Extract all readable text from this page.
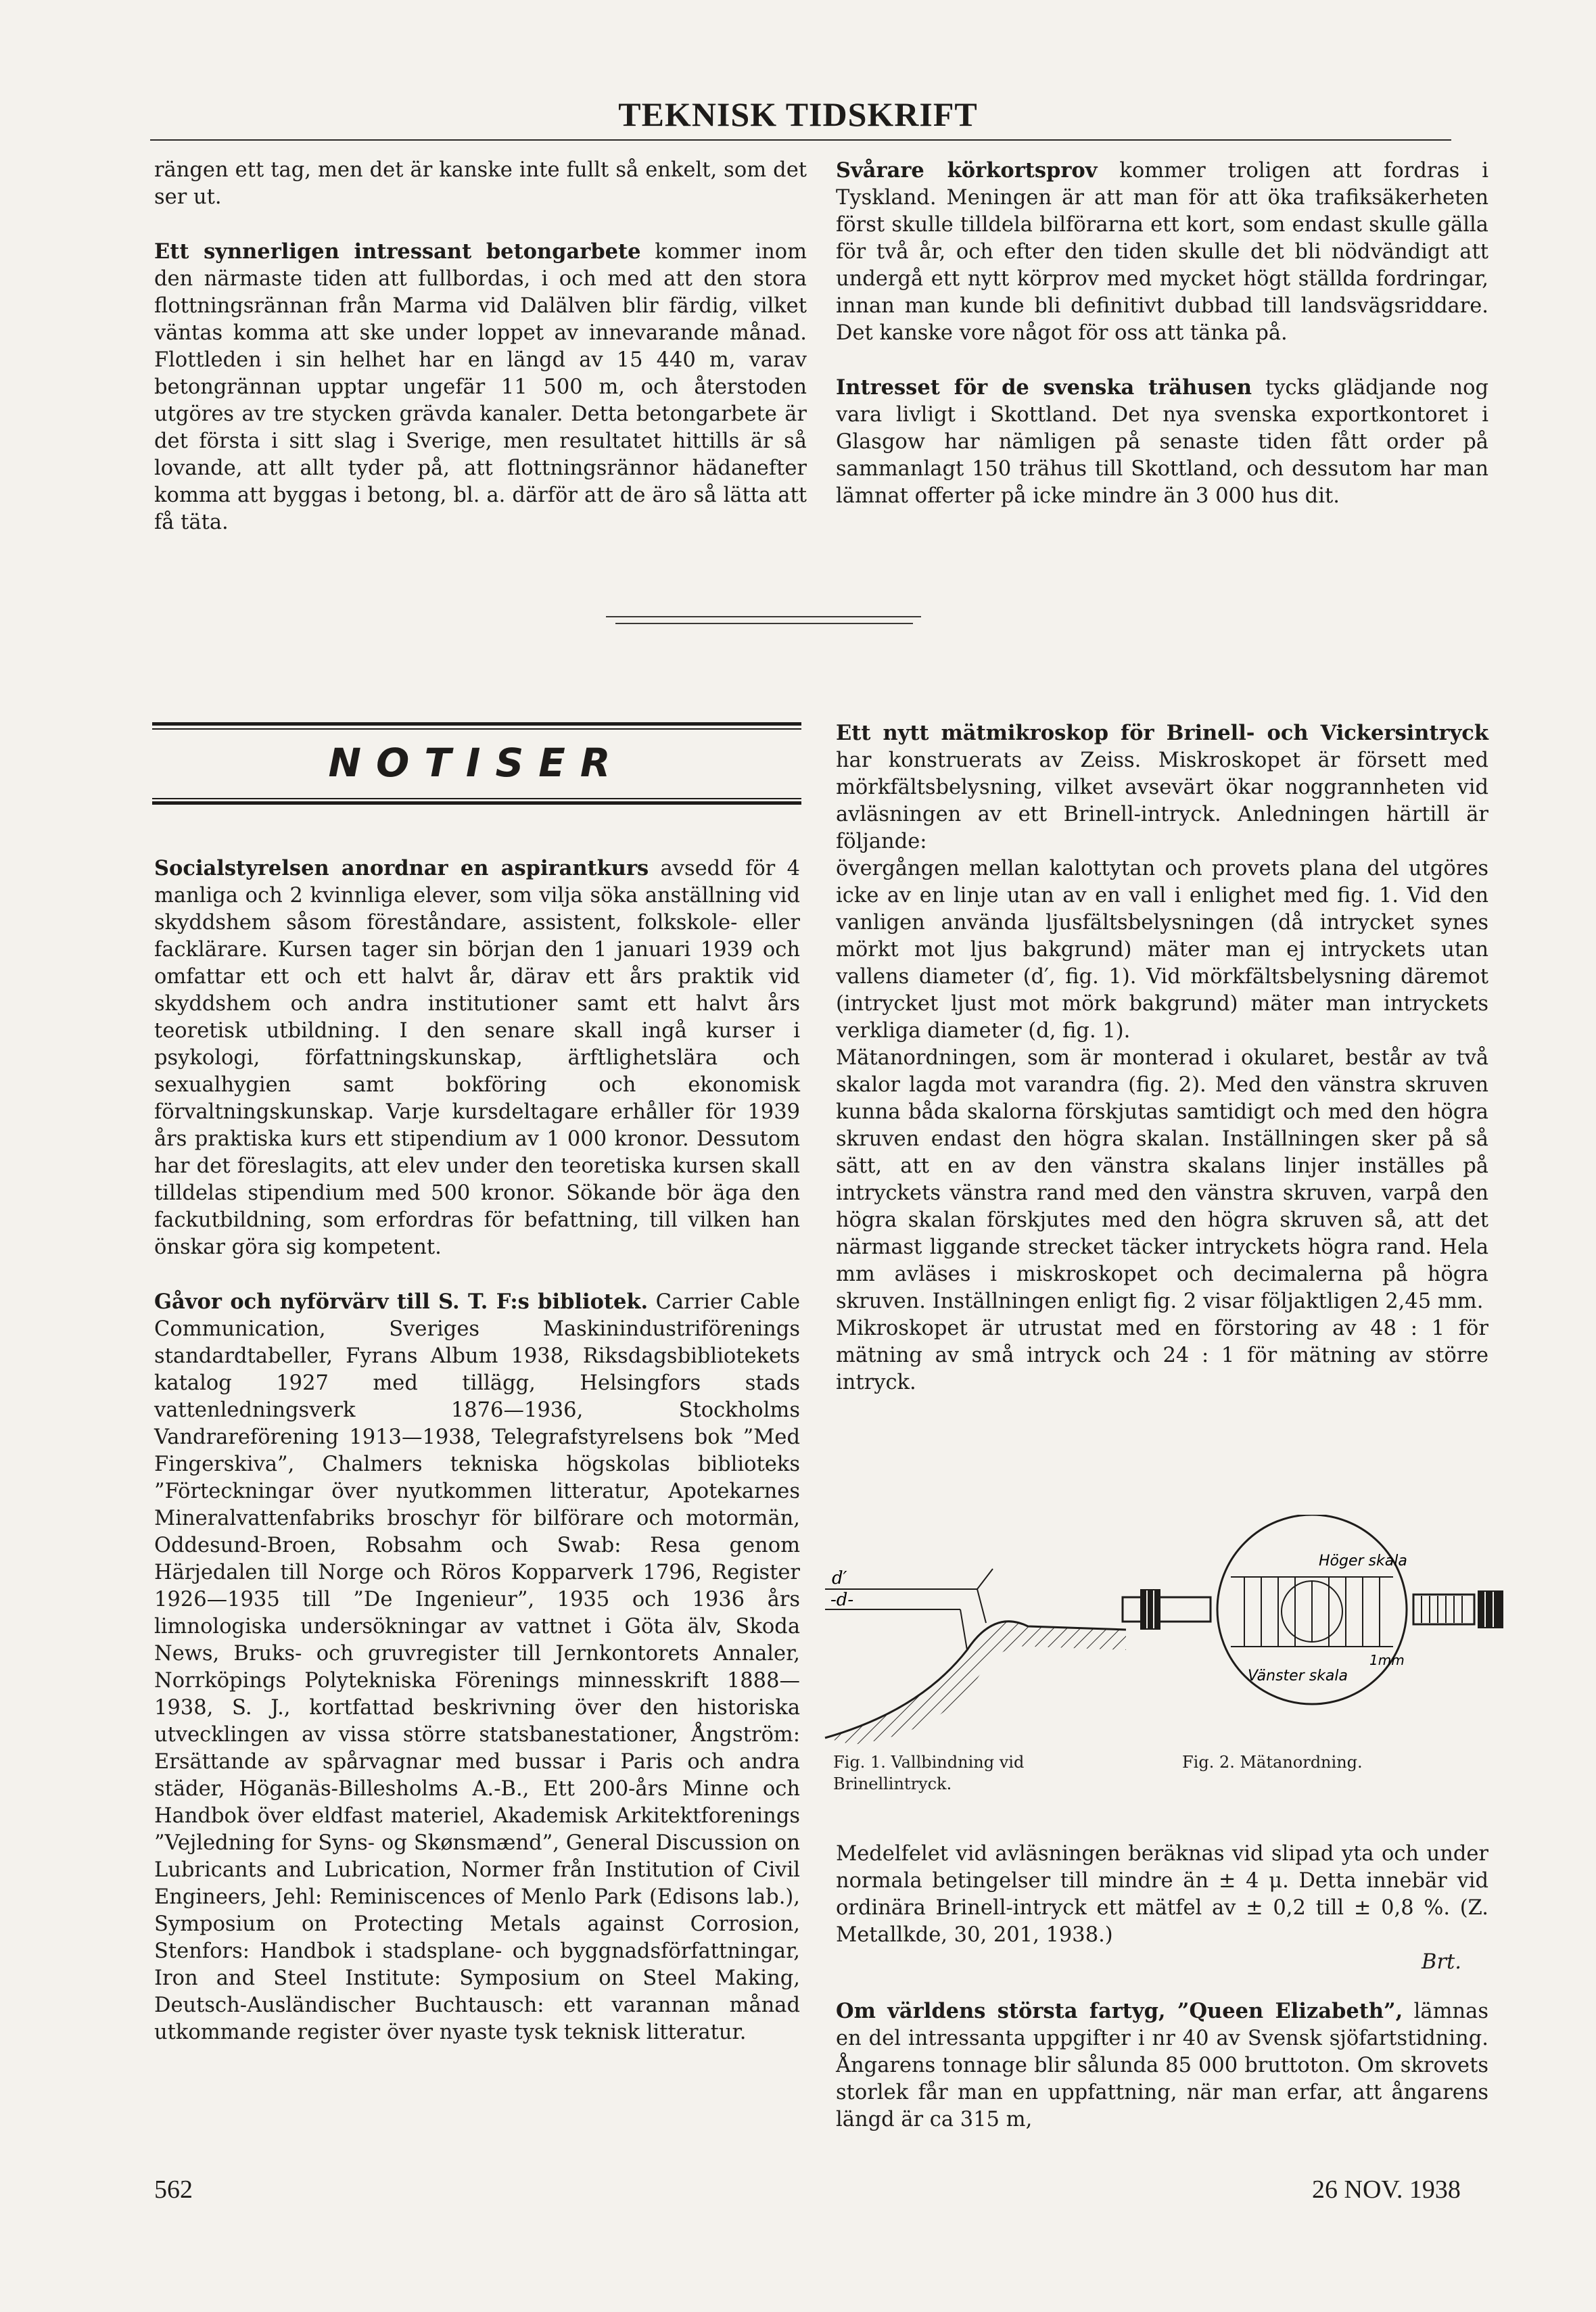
TEKNISK TIDSKRIFT

rängen ett tag, men det är kanske inte fullt så enkelt, som det ser ut.

Ett synnerligen intressant betongarbete kommer inom den närmaste tiden att fullbordas, i och med att den stora flottningsrännan från Marma vid Dalälven blir färdig, vilket väntas komma att ske under loppet av innevarande månad. Flottleden i sin helhet har en längd av 15 440 m, varav betongrännan upptar ungefär 11 500 m, och återstoden utgöres av tre stycken grävda kanaler. Detta betongarbete är det första i sitt slag i Sverige, men resultatet hittills är så lovande, att allt tyder på, att flottningsrännor hädanefter komma att byggas i betong, bl. a. därför att de äro så lätta att få täta.

Svårare körkortsprov kommer troligen att fordras i Tyskland. Meningen är att man för att öka trafiksäkerheten först skulle tilldela bilförarna ett kort, som endast skulle gälla för två år, och efter den tiden skulle det bli nödvändigt att undergå ett nytt körprov med mycket högt ställda fordringar, innan man kunde bli definitivt dubbad till landsvägsriddare. Det kanske vore något för oss att tänka på.

Intresset för de svenska trähusen tycks glädjande nog vara livligt i Skottland. Det nya svenska exportkontoret i Glasgow har nämligen på senaste tiden fått order på sammanlagt 150 trähus till Skottland, och dessutom har man lämnat offerter på icke mindre än 3 000 hus dit.

NOTISER

Socialstyrelsen anordnar en aspirantkurs avsedd för 4 manliga och 2 kvinnliga elever, som vilja söka anställning vid skyddshem såsom föreståndare, assistent, folkskole- eller facklärare. Kursen tager sin början den 1 januari 1939 och omfattar ett och ett halvt år, därav ett års praktik vid skyddshem och andra institutioner samt ett halvt års teoretisk utbildning. I den senare skall ingå kurser i psykologi, författningskunskap, ärftlighetslära och sexualhygien samt bokföring och ekonomisk förvaltningskunskap. Varje kursdeltagare erhåller för 1939 års praktiska kurs ett stipendium av 1 000 kronor. Dessutom har det föreslagits, att elev under den teoretiska kursen skall tilldelas stipendium med 500 kronor. Sökande bör äga den fackutbildning, som erfordras för befattning, till vilken han önskar göra sig kompetent.

Gåvor och nyförvärv till S. T. F:s bibliotek. Carrier Cable Communication, Sveriges Maskinindustriförenings standardtabeller, Fyrans Album 1938, Riksdagsbibliotekets katalog 1927 med tillägg, Helsingfors stads vattenledningsverk 1876—1936, Stockholms Vandrareförening 1913—1938, Telegrafstyrelsens bok ”Med Fingerskiva”, Chalmers tekniska högskolas biblioteks ”Förteckningar över nyutkommen litteratur, Apotekarnes Mineralvattenfabriks broschyr för bilförare och motormän, Oddesund-Broen, Robsahm och Swab: Resa genom Härjedalen till Norge och Röros Kopparverk 1796, Register 1926—1935 till ”De Ingenieur”, 1935 och 1936 års limnologiska undersökningar av vattnet i Göta älv, Skoda News, Bruks- och gruvregister till Jernkontorets Annaler, Norrköpings Polytekniska Förenings minnesskrift 1888—1938, S. J., kortfattad beskrivning över den historiska utvecklingen av vissa större statsbanestationer, Ångström: Ersättande av spårvagnar med bussar i Paris och andra städer, Höganäs-Billesholms A.-B., Ett 200-års Minne och Handbok över eldfast materiel, Akademisk Arkitektforenings ”Vejledning for Syns- og Skønsmænd”, General Discussion on Lubricants and Lubrication, Normer från Institution of Civil Engineers, Jehl: Reminiscences of Menlo Park (Edisons lab.), Symposium on Protecting Metals against Corrosion, Stenfors: Handbok i stadsplane- och byggnadsförfattningar, Iron and Steel Institute: Symposium on Steel Making, Deutsch-Ausländischer Buchtausch: ett varannan månad utkommande register över nyaste tysk teknisk litteratur.

Ett nytt mätmikroskop för Brinell- och Vickersintryck har konstruerats av Zeiss. Miskroskopet är försett med mörkfältsbelysning, vilket avsevärt ökar noggrannheten vid avläsningen av ett Brinell-intryck. Anledningen härtill är följande:

övergången mellan kalottytan och provets plana del utgöres icke av en linje utan av en vall i enlighet med fig. 1. Vid den vanligen använda ljusfältsbelysningen (då intrycket synes mörkt mot ljus bakgrund) mäter man ej intryckets utan vallens diameter (d′, fig. 1). Vid mörkfältsbelysning däremot (intrycket ljust mot mörk bakgrund) mäter man intryckets verkliga diameter (d, fig. 1).

Mätanordningen, som är monterad i okularet, består av två skalor lagda mot varandra (fig. 2). Med den vänstra skruven kunna båda skalorna förskjutas samtidigt och med den högra skruven endast den högra skalan. Inställningen sker på så sätt, att en av den vänstra skalans linjer inställes på intryckets vänstra rand med den vänstra skruven, varpå den högra skalan förskjutes med den högra skruven så, att det närmast liggande strecket täcker intryckets högra rand. Hela mm avläses i miskroskopet och decimalerna på högra skruven. Inställningen enligt fig. 2 visar följaktligen 2,45 mm.

Mikroskopet är utrustat med en förstoring av 48 : 1 för mätning av små intryck och 24 : 1 för mätning av större intryck.

d′
-d-
Fig. 1. Vallbindning vid Brinellintryck.
Höger skala
1mm
Vänster skala
Fig. 2. Mätanordning.

Medelfelet vid avläsningen beräknas vid slipad yta och under normala betingelser till mindre än ± 4 μ. Detta innebär vid ordinära Brinell-intryck ett mätfel av ± 0,2 till ± 0,8 %. (Z. Metallkde, 30, 201, 1938.)

Brt.

Om världens största fartyg, ”Queen Elizabeth”, lämnas en del intressanta uppgifter i nr 40 av Svensk sjöfartstidning. Ångarens tonnage blir sålunda 85 000 bruttoton. Om skrovets storlek får man en uppfattning, när man erfar, att ångarens längd är ca 315 m,

562	26 NOV. 1938
